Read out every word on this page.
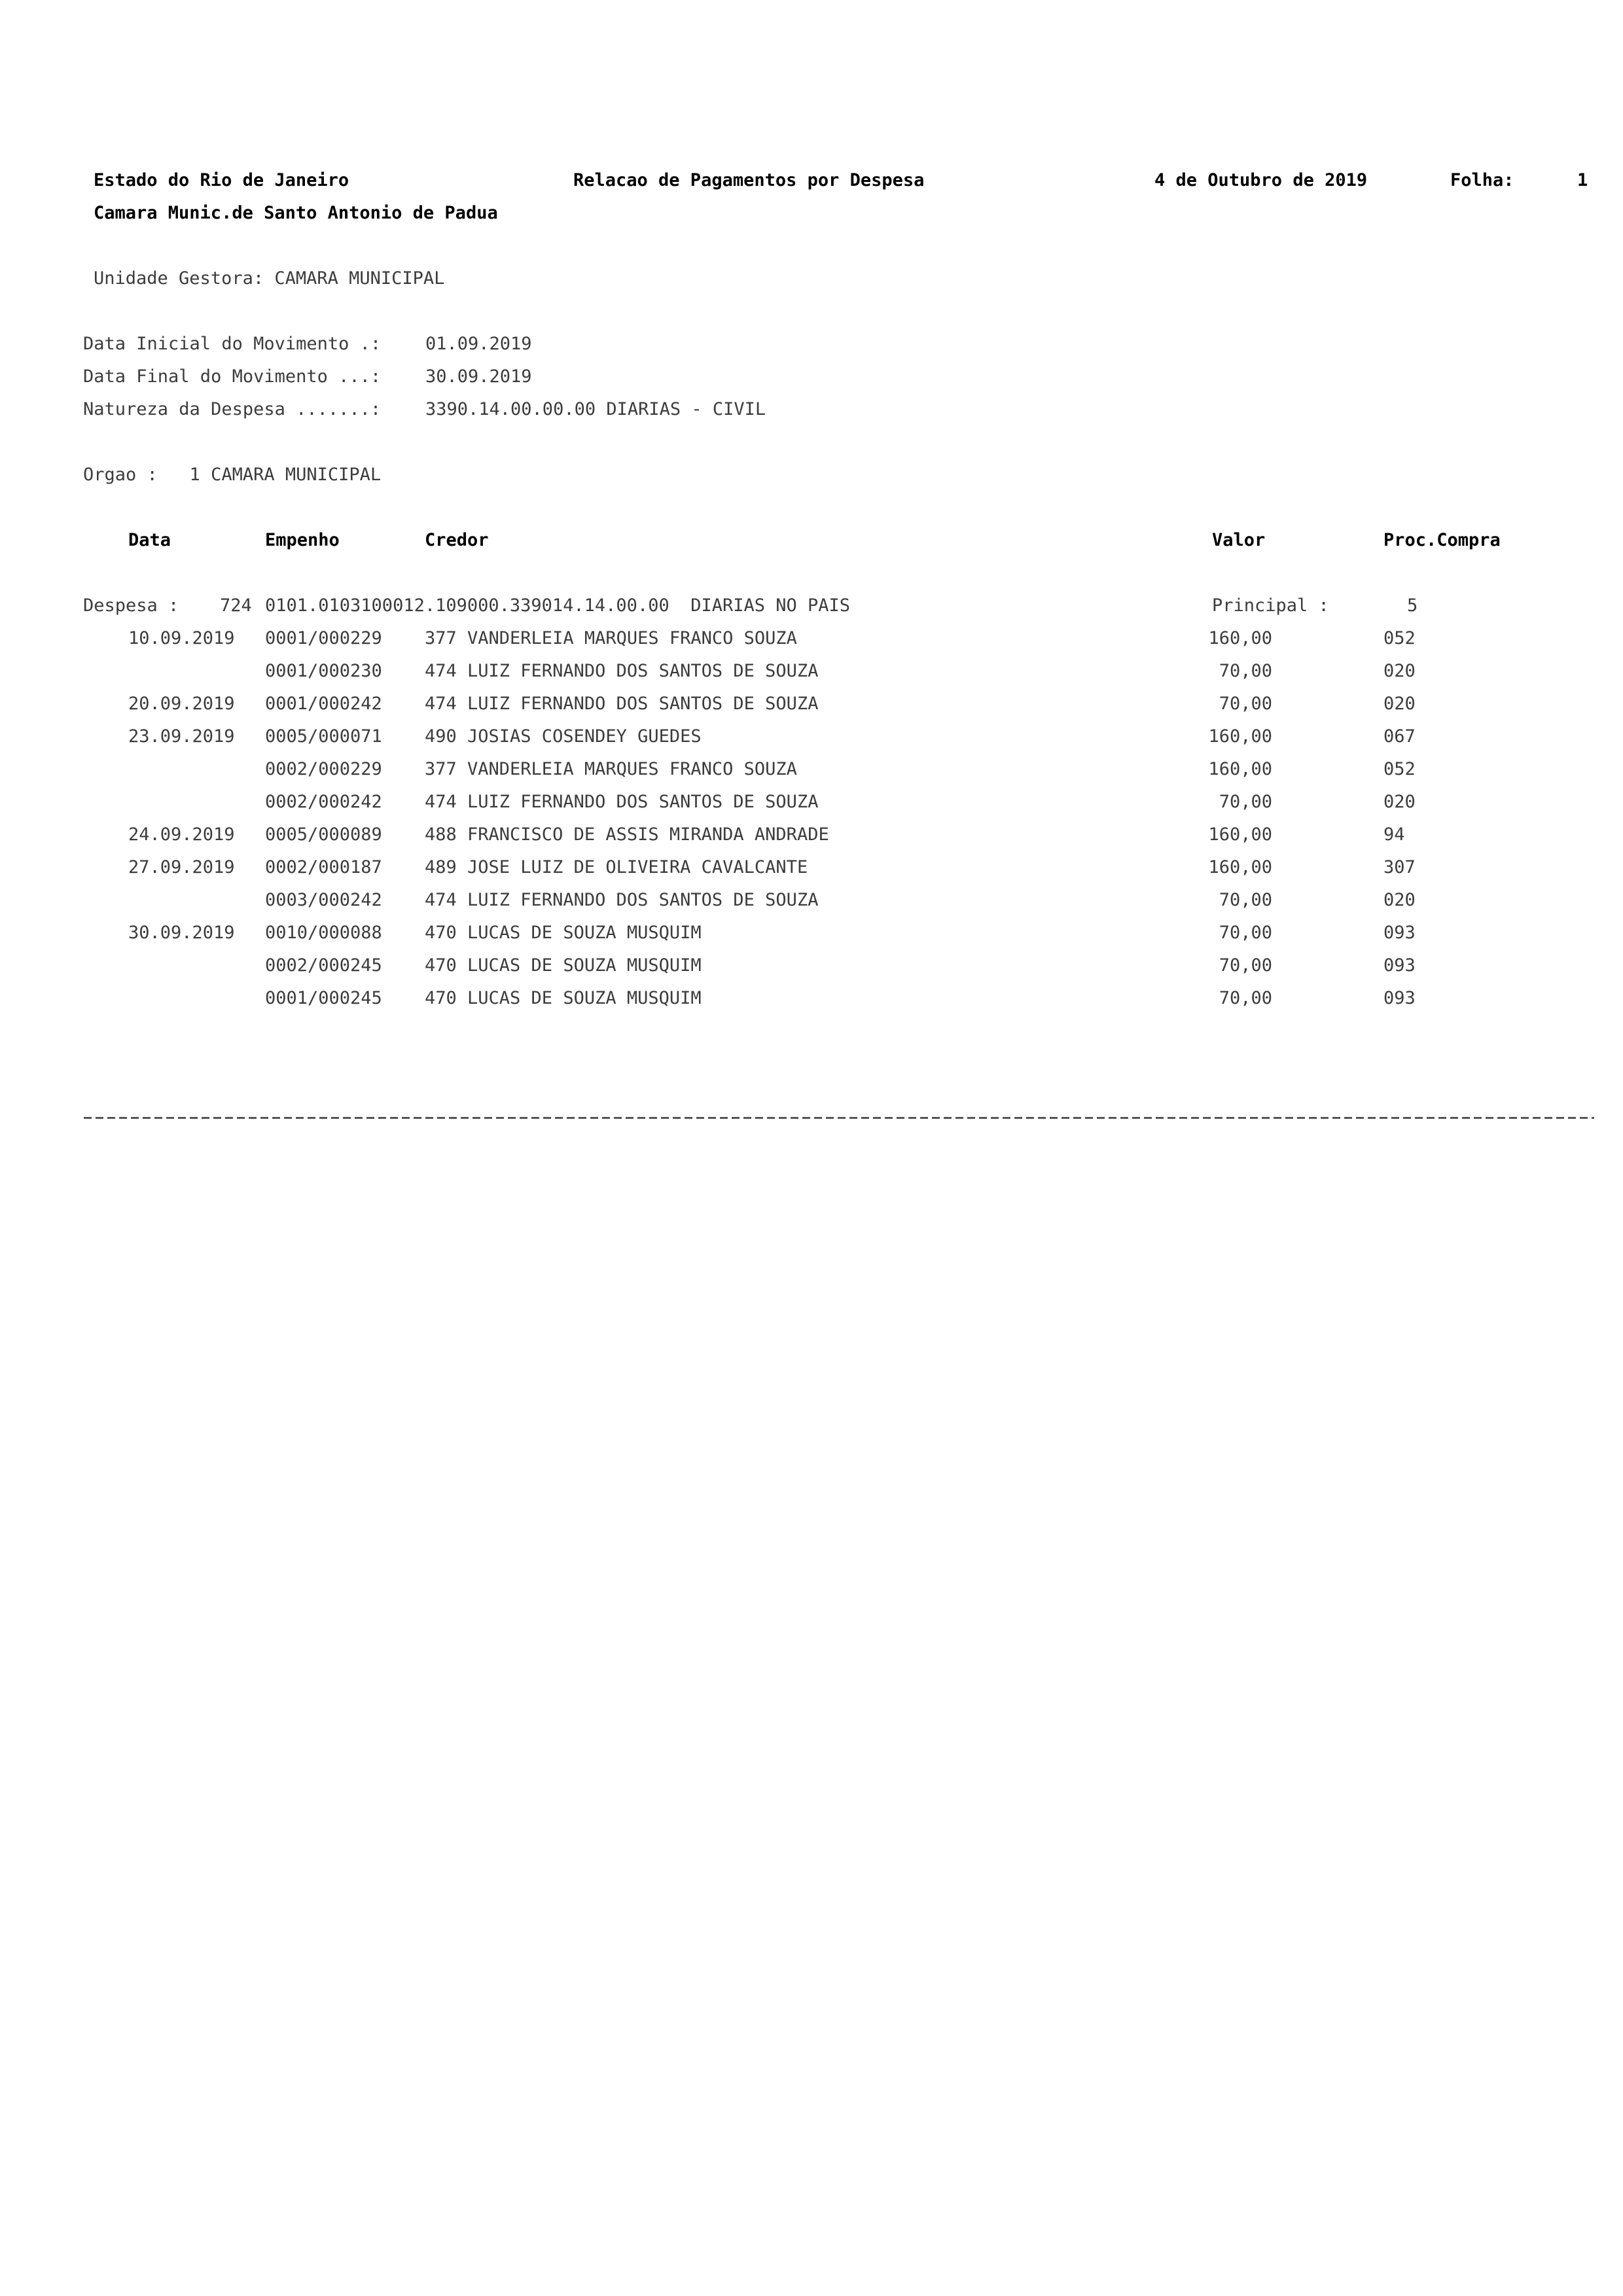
Estado do Rio de Janeiro	Relacao de Pagamentos por Despesa	4 de Outubro de 2019	Folha:	1
Camara Munic.de Santo Antonio de Padua
Unidade Gestora: CAMARA MUNICIPAL
Data Inicial do Movimento .:	01.09.2019
Data Final do Movimento ...:	30.09.2019
Natureza da Despesa .......:	3390.14.00.00.00 DIARIAS - CIVIL
Orgao :   1 CAMARA MUNICIPAL
Data	Empenho	Credor	Valor	Proc.Compra
Despesa : 724 0101.0103100012.109000.339014.14.00.00  DIARIAS NO PAIS	Principal :	5
10.09.2019 0001/000229 377 VANDERLEIA MARQUES FRANCO SOUZA	160,00	052
0001/000230 474 LUIZ FERNANDO DOS SANTOS DE SOUZA	70,00	020
20.09.2019 0001/000242 474 LUIZ FERNANDO DOS SANTOS DE SOUZA	70,00	020
23.09.2019 0005/000071 490 JOSIAS COSENDEY GUEDES	160,00	067
0002/000229 377 VANDERLEIA MARQUES FRANCO SOUZA	160,00	052
0002/000242 474 LUIZ FERNANDO DOS SANTOS DE SOUZA	70,00	020
24.09.2019 0005/000089 488 FRANCISCO DE ASSIS MIRANDA ANDRADE	160,00	94
27.09.2019 0002/000187 489 JOSE LUIZ DE OLIVEIRA CAVALCANTE	160,00	307
0003/000242 474 LUIZ FERNANDO DOS SANTOS DE SOUZA	70,00	020
30.09.2019 0010/000088 470 LUCAS DE SOUZA MUSQUIM	70,00	093
0002/000245 470 LUCAS DE SOUZA MUSQUIM	70,00	093
0001/000245 470 LUCAS DE SOUZA MUSQUIM	70,00	093
